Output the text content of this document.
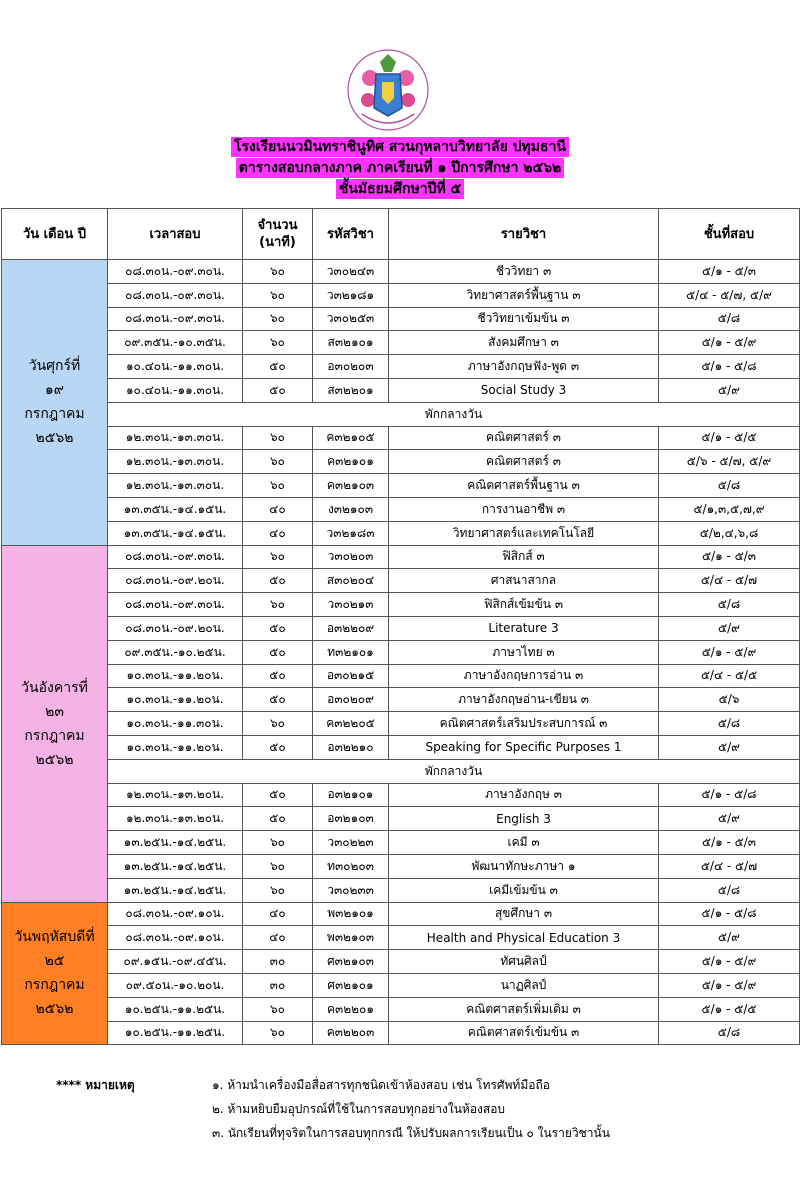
โรงเรียนนวมินทราชินูทิศ สวนกุหลาบวิทยาลัย ปทุมธานี
ตารางสอบกลางภาค ภาคเรียนที่ ๑ ปีการศึกษา ๒๕๖๒
ชั้นมัธยมศึกษาปีที่ ๕
วัน เดือน ปี	เวลาสอบ	จำนวน (นาที)	รหัสวิชา	รายวิชา	ชั้นที่สอบ

วันศุกร์ที่
๑๙
กรกฎาคม
๒๕๖๒	๐๘.๓๐น.-๐๙.๓๐น.	๖๐	ว๓๐๒๔๓	ชีววิทยา ๓	๕/๑ - ๕/๓
	๐๘.๓๐น.-๐๙.๓๐น.	๖๐	ว๓๒๑๘๑	วิทยาศาสตร์พื้นฐาน ๓	๕/๔ - ๕/๗, ๕/๙
	๐๘.๓๐น.-๐๙.๓๐น.	๖๐	ว๓๐๒๕๓	ชีววิทยาเข้มข้น ๓	๕/๘
	๐๙.๓๕น.-๑๐.๓๕น.	๖๐	ส๓๒๑๐๑	สังคมศึกษา ๓	๕/๑ - ๕/๙
	๑๐.๔๐น.-๑๑.๓๐น.	๕๐	อ๓๐๒๐๓	ภาษาอังกฤษฟัง-พูด ๓	๕/๑ - ๕/๘
	๑๐.๔๐น.-๑๑.๓๐น.	๕๐	ส๓๒๒๐๑	Social Study 3	๕/๙
	พักกลางวัน				
	๑๒.๓๐น.-๑๓.๓๐น.	๖๐	ค๓๒๑๐๕	คณิตศาสตร์ ๓	๕/๑ - ๕/๕
	๑๒.๓๐น.-๑๓.๓๐น.	๖๐	ค๓๒๑๐๑	คณิตศาสตร์ ๓	๕/๖ - ๕/๗, ๕/๙
	๑๒.๓๐น.-๑๓.๓๐น.	๖๐	ค๓๒๑๐๓	คณิตศาสตร์พื้นฐาน ๓	๕/๘
	๑๓.๓๕น.-๑๔.๑๕น.	๔๐	ง๓๒๑๐๓	การงานอาชีพ ๓	๕/๑,๓,๕,๗,๙
	๑๓.๓๕น.-๑๔.๑๕น.	๔๐	ว๓๒๑๘๓	วิทยาศาสตร์และเทคโนโลยี	๕/๒,๔,๖,๘

วันอังคารที่
๒๓
กรกฎาคม
๒๕๖๒	๐๘.๓๐น.-๐๙.๓๐น.	๖๐	ว๓๐๒๐๓	ฟิสิกส์ ๓	๕/๑ - ๕/๓
	๐๘.๓๐น.-๐๙.๒๐น.	๕๐	ส๓๐๒๐๔	ศาสนาสากล	๕/๔ - ๕/๗
	๐๘.๓๐น.-๐๙.๓๐น.	๖๐	ว๓๐๒๑๓	ฟิสิกส์เข้มข้น ๓	๕/๘
	๐๘.๓๐น.-๐๙.๒๐น.	๕๐	อ๓๒๒๐๙	Literature 3	๕/๙
	๐๙.๓๕น.-๑๐.๒๕น.	๕๐	ท๓๒๑๐๑	ภาษาไทย ๓	๕/๑ - ๕/๙
	๑๐.๓๐น.-๑๑.๒๐น.	๕๐	อ๓๐๒๑๕	ภาษาอังกฤษการอ่าน ๓	๕/๔ - ๕/๕
	๑๐.๓๐น.-๑๑.๒๐น.	๕๐	อ๓๐๒๐๙	ภาษาอังกฤษอ่าน-เขียน ๓	๕/๖
	๑๐.๓๐น.-๑๑.๓๐น.	๖๐	ค๓๒๒๐๕	คณิตศาสตร์เสริมประสบการณ์ ๓	๕/๘
	๑๐.๓๐น.-๑๑.๒๐น.	๕๐	อ๓๒๒๑๐	Speaking for Specific Purposes 1	๕/๙
	พักกลางวัน				
	๑๒.๓๐น.-๑๓.๒๐น.	๕๐	อ๓๒๑๐๑	ภาษาอังกฤษ ๓	๕/๑ - ๕/๘
	๑๒.๓๐น.-๑๓.๒๐น.	๕๐	อ๓๒๑๐๓	English 3	๕/๙
	๑๓.๒๕น.-๑๔.๒๕น.	๖๐	ว๓๐๒๒๓	เคมี ๓	๕/๑ - ๕/๓
	๑๓.๒๕น.-๑๔.๒๕น.	๖๐	ท๓๐๒๐๓	พัฒนาทักษะภาษา ๑	๕/๔ - ๕/๗
	๑๓.๒๕น.-๑๔.๒๕น.	๖๐	ว๓๐๒๓๓	เคมีเข้มข้น ๓	๕/๘

วันพฤหัสบดีที่
๒๕
กรกฎาคม
๒๕๖๒	๐๘.๓๐น.-๐๙.๑๐น.	๔๐	พ๓๒๑๐๑	สุขศึกษา ๓	๕/๑ - ๕/๘
	๐๘.๓๐น.-๐๙.๑๐น.	๔๐	พ๓๒๑๐๓	Health and Physical Education 3	๕/๙
	๐๙.๑๕น.-๐๙.๔๕น.	๓๐	ศ๓๒๑๐๓	ทัศนศิลป์	๕/๑ - ๕/๙
	๐๙.๕๐น.-๑๐.๒๐น.	๓๐	ศ๓๒๑๐๑	นาฏศิลป์	๕/๑ - ๕/๙
	๑๐.๒๕น.-๑๑.๒๕น.	๖๐	ค๓๒๒๐๑	คณิตศาสตร์เพิ่มเติม ๓	๕/๑ - ๕/๕
	๑๐.๒๕น.-๑๑.๒๕น.	๖๐	ค๓๒๒๐๓	คณิตศาสตร์เข้มข้น ๓	๕/๘
**** หมายเหตุ	๑. ห้ามนำเครื่องมือสื่อสารทุกชนิดเข้าห้องสอบ เช่น โทรศัพท์มือถือ
๒. ห้ามหยิบยืมอุปกรณ์ที่ใช้ในการสอบทุกอย่างในห้องสอบ
๓. นักเรียนที่ทุจริตในการสอบทุกกรณี ให้ปรับผลการเรียนเป็น ๐ ในรายวิชานั้น
